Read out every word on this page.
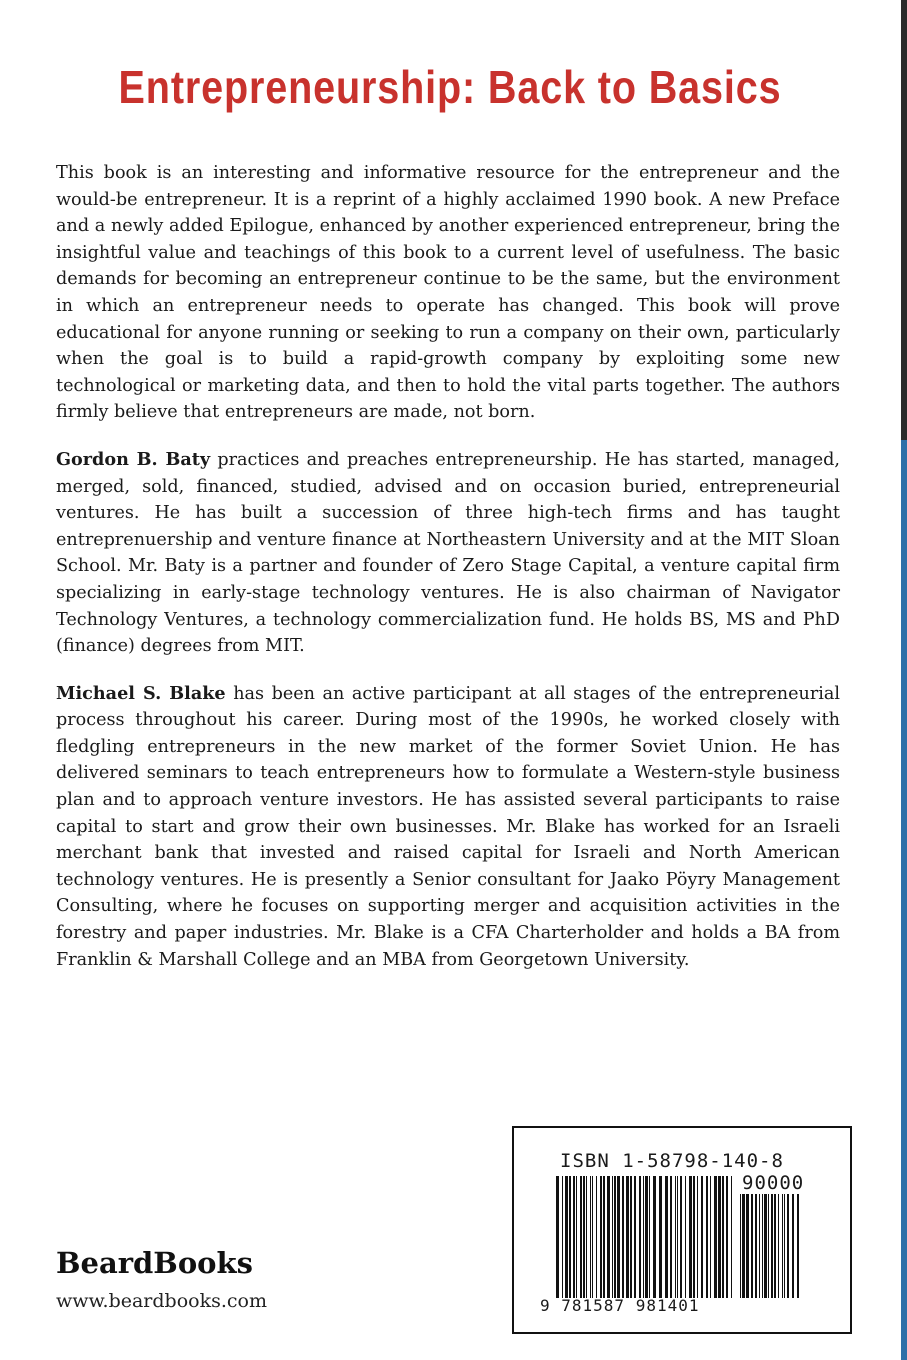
Entrepreneurship: Back to Basics

This book is an interesting and informative resource for the entrepreneur and the would-be entrepreneur. It is a reprint of a highly acclaimed 1990 book. A new Preface and a newly added Epilogue, enhanced by another experienced entrepreneur, bring the insightful value and teachings of this book to a current level of usefulness. The basic demands for becoming an entrepreneur continue to be the same, but the environment in which an entrepreneur needs to operate has changed. This book will prove educational for anyone running or seeking to run a company on their own, particularly when the goal is to build a rapid-growth company by exploiting some new technological or marketing data, and then to hold the vital parts together. The authors firmly believe that entrepreneurs are made, not born.

Gordon B. Baty practices and preaches entrepreneurship. He has started, managed, merged, sold, financed, studied, advised and on occasion buried, entrepreneurial ventures. He has built a succession of three high-tech firms and has taught entreprenuership and venture finance at Northeastern University and at the MIT Sloan School. Mr. Baty is a partner and founder of Zero Stage Capital, a venture capital firm specializing in early-stage technology ventures. He is also chairman of Navigator Technology Ventures, a technology commercialization fund. He holds BS, MS and PhD (finance) degrees from MIT.

Michael S. Blake has been an active participant at all stages of the entrepreneurial process throughout his career. During most of the 1990s, he worked closely with fledgling entrepreneurs in the new market of the former Soviet Union. He has delivered seminars to teach entrepreneurs how to formulate a Western-style business plan and to approach venture investors. He has assisted several participants to raise capital to start and grow their own businesses. Mr. Blake has worked for an Israeli merchant bank that invested and raised capital for Israeli and North American technology ventures. He is presently a Senior consultant for Jaako Pöyry Management Consulting, where he focuses on supporting merger and acquisition activities in the forestry and paper industries. Mr. Blake is a CFA Charterholder and holds a BA from Franklin & Marshall College and an MBA from Georgetown University.

BeardBooks
www.beardbooks.com
ISBN 1-58798-140-8
90000
9 781587 981401
